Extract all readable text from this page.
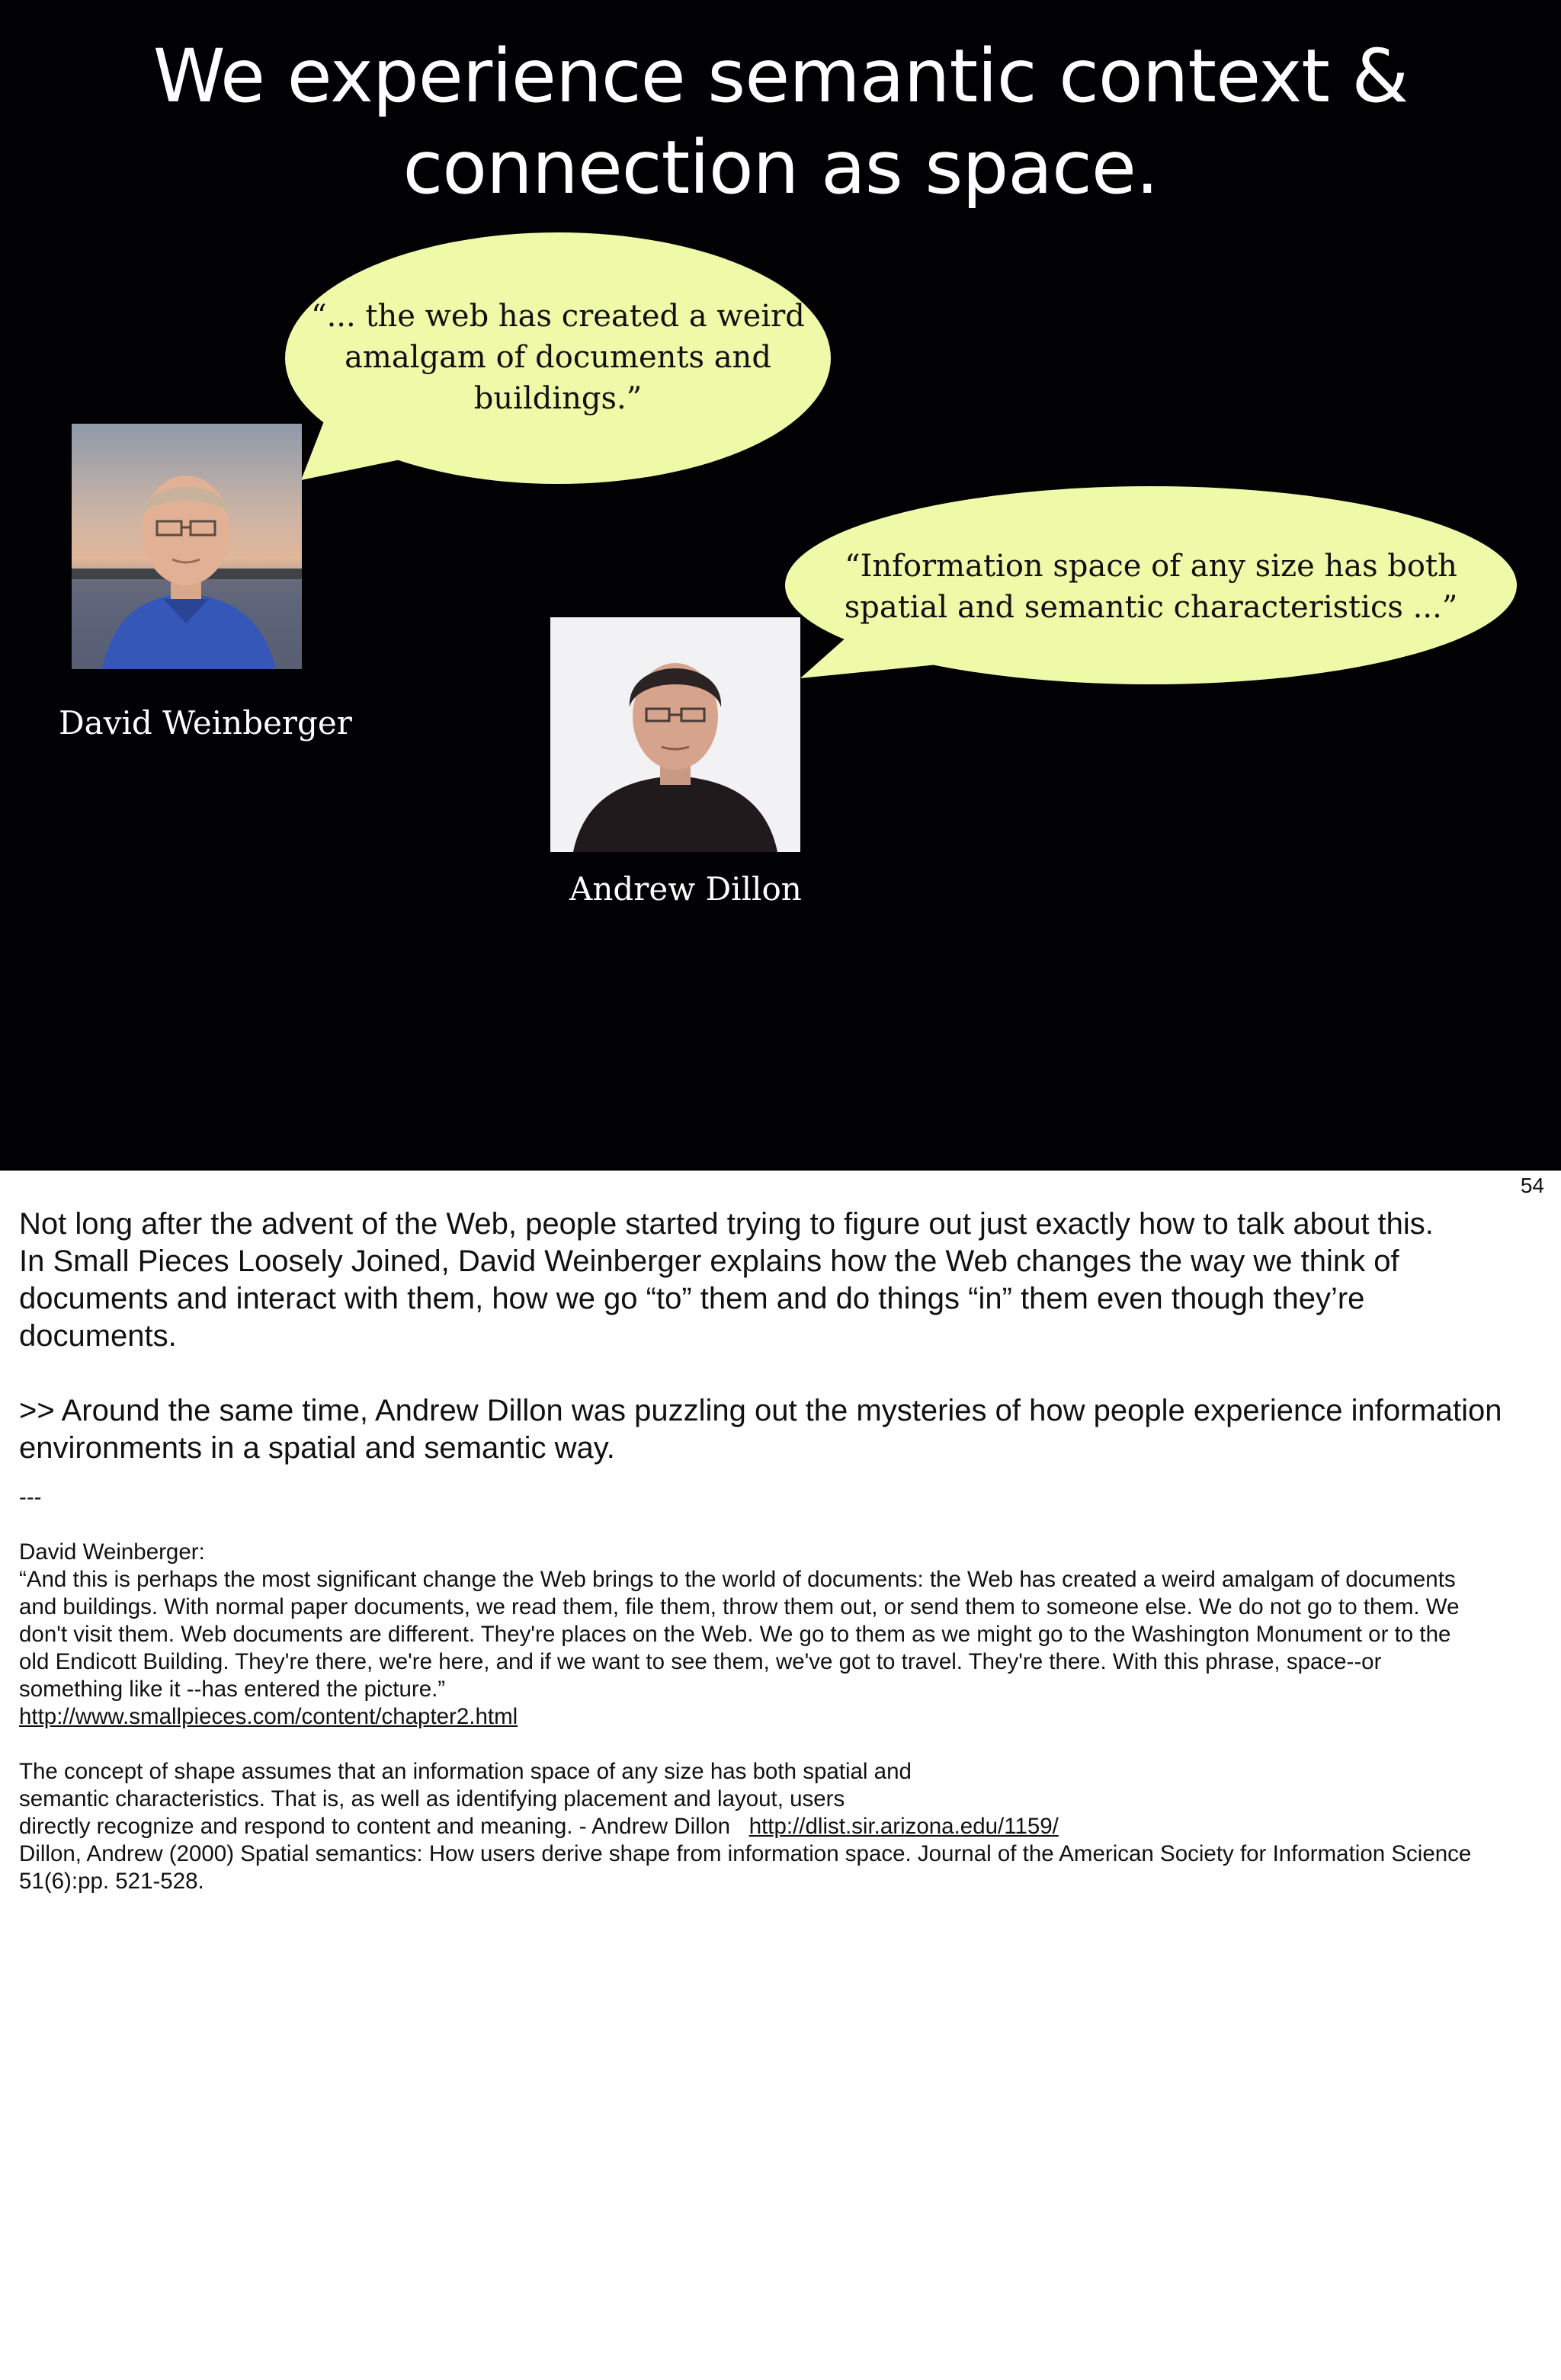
We experience semantic context &
connection as space.
“... the web has created a weird
amalgam of documents and
buildings.”
“Information space of any size has both
spatial and semantic characteristics ...”
David Weinberger
Andrew Dillon
54

Not long after the advent of the Web, people started trying to figure out just exactly how to talk about this.
In Small Pieces Loosely Joined, David Weinberger explains how the Web changes the way we think of
documents and interact with them, how we go “to” them and do things “in” them even though they’re
documents.

>> Around the same time, Andrew Dillon was puzzling out the mysteries of how people experience information
environments in a spatial and semantic way.

---

David Weinberger:
“And this is perhaps the most significant change the Web brings to the world of documents: the Web has created a weird amalgam of documents
and buildings. With normal paper documents, we read them, file them, throw them out, or send them to someone else. We do not go to them. We
don't visit them. Web documents are different. They're places on the Web. We go to them as we might go to the Washington Monument or to the
old Endicott Building. They're there, we're here, and if we want to see them, we've got to travel. They're there. With this phrase, space--or
something like it --has entered the picture.”
http://www.smallpieces.com/content/chapter2.html

The concept of shape assumes that an information space of any size has both spatial and
semantic characteristics. That is, as well as identifying placement and layout, users
directly recognize and respond to content and meaning. - Andrew Dillon http://dlist.sir.arizona.edu/1159/
Dillon, Andrew (2000) Spatial semantics: How users derive shape from information space. Journal of the American Society for Information Science
51(6):pp. 521-528.
